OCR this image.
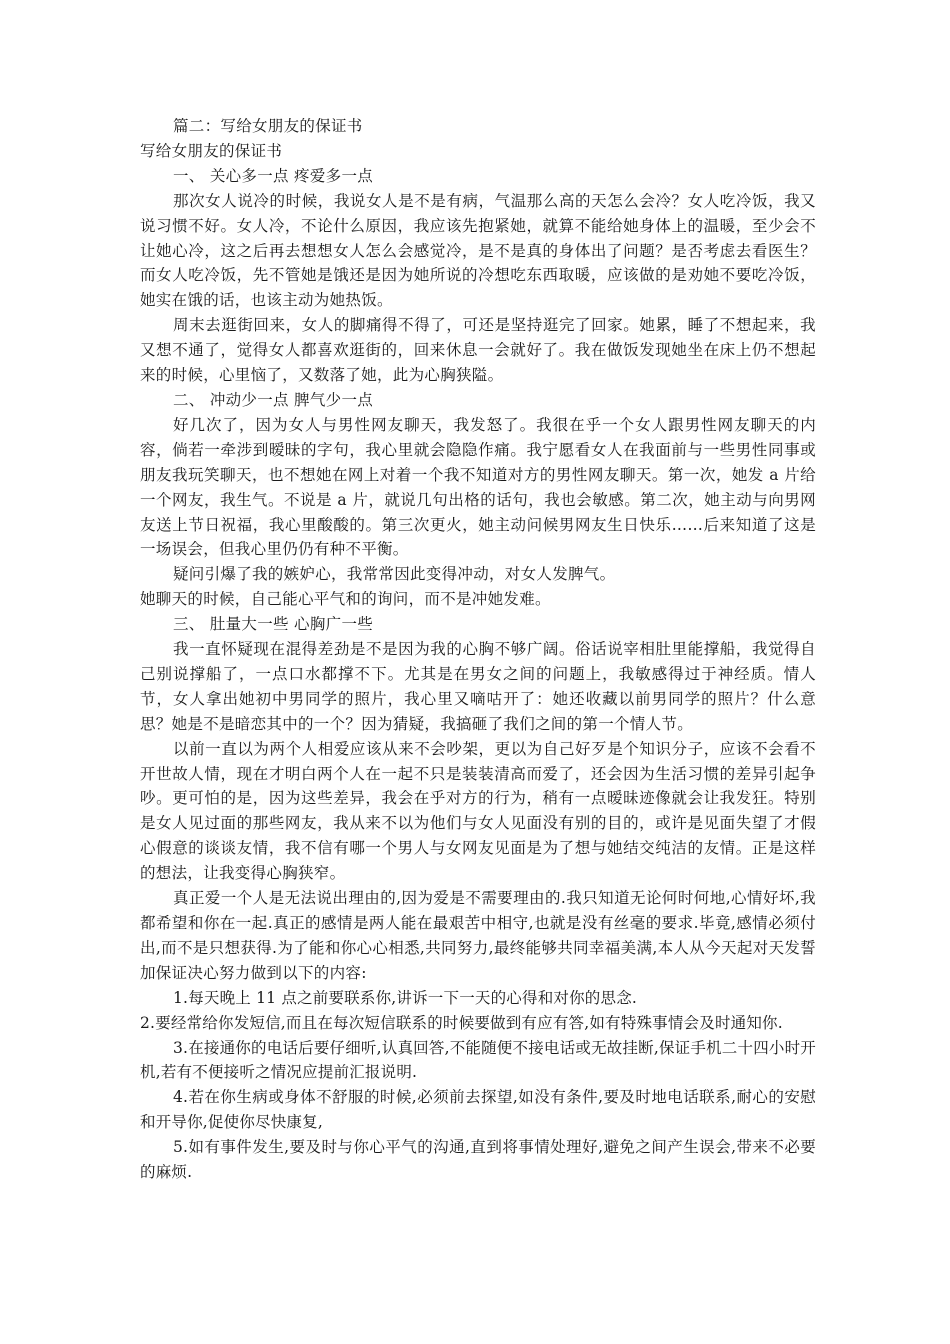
篇二：写给女朋友的保证书

写给女朋友的保证书

一、 关心多一点 疼爱多一点

那次女人说冷的时候，我说女人是不是有病，气温那么高的天怎么会冷？女人吃冷饭，我又说习惯不好。女人冷，不论什么原因，我应该先抱紧她，就算不能给她身体上的温暖，至少会不让她心冷，这之后再去想想女人怎么会感觉冷，是不是真的身体出了问题？是否考虑去看医生？而女人吃冷饭，先不管她是饿还是因为她所说的冷想吃东西取暖，应该做的是劝她不要吃冷饭，她实在饿的话，也该主动为她热饭。

周末去逛街回来，女人的脚痛得不得了，可还是坚持逛完了回家。她累，睡了不想起来，我又想不通了，觉得女人都喜欢逛街的，回来休息一会就好了。我在做饭发现她坐在床上仍不想起来的时候，心里恼了，又数落了她，此为心胸狭隘。

二、 冲动少一点 脾气少一点

好几次了，因为女人与男性网友聊天，我发怒了。我很在乎一个女人跟男性网友聊天的内容，倘若一牵涉到暧昧的字句，我心里就会隐隐作痛。我宁愿看女人在我面前与一些男性同事或朋友我玩笑聊天，也不想她在网上对着一个我不知道对方的男性网友聊天。第一次，她发 a 片给一个网友，我生气。不说是 a 片，就说几句出格的话句，我也会敏感。第二次，她主动与向男网友送上节日祝福，我心里酸酸的。第三次更火，她主动问候男网友生日快乐……后来知道了这是一场误会，但我心里仍仍有种不平衡。

疑问引爆了我的嫉妒心，我常常因此变得冲动，对女人发脾气。

她聊天的时候，自己能心平气和的询问，而不是冲她发难。

三、 肚量大一些 心胸广一些

我一直怀疑现在混得差劲是不是因为我的心胸不够广阔。俗话说宰相肚里能撑船，我觉得自己别说撑船了，一点口水都撑不下。尤其是在男女之间的问题上，我敏感得过于神经质。情人节，女人拿出她初中男同学的照片，我心里又嘀咕开了：她还收藏以前男同学的照片？什么意思？她是不是暗恋其中的一个？因为猜疑，我搞砸了我们之间的第一个情人节。

以前一直以为两个人相爱应该从来不会吵架，更以为自己好歹是个知识分子，应该不会看不开世故人情，现在才明白两个人在一起不只是装装清高而爱了，还会因为生活习惯的差异引起争吵。更可怕的是，因为这些差异，我会在乎对方的行为，稍有一点暧昧迹像就会让我发狂。特别是女人见过面的那些网友，我从来不以为他们与女人见面没有别的目的，或许是见面失望了才假心假意的谈谈友情，我不信有哪一个男人与女网友见面是为了想与她结交纯洁的友情。正是这样的想法，让我变得心胸狭窄。

真正爱一个人是无法说出理由的,因为爱是不需要理由的.我只知道无论何时何地,心情好坏,我都希望和你在一起.真正的感情是两人能在最艰苦中相守,也就是没有丝毫的要求.毕竟,感情必须付出,而不是只想获得.为了能和你心心相悉,共同努力,最终能够共同幸福美满,本人从今天起对天发誓加保证决心努力做到以下的内容:

1.每天晚上 11 点之前要联系你,讲诉一下一天的心得和对你的思念.

2.要经常给你发短信,而且在每次短信联系的时候要做到有应有答,如有特殊事情会及时通知你.

3.在接通你的电话后要仔细听,认真回答,不能随便不接电话或无故挂断,保证手机二十四小时开机,若有不便接听之情况应提前汇报说明.

4.若在你生病或身体不舒服的时候,必须前去探望,如没有条件,要及时地电话联系,耐心的安慰和开导你,促使你尽快康复,

5.如有事件发生,要及时与你心平气的沟通,直到将事情处理好,避免之间产生误会,带来不必要的麻烦.
